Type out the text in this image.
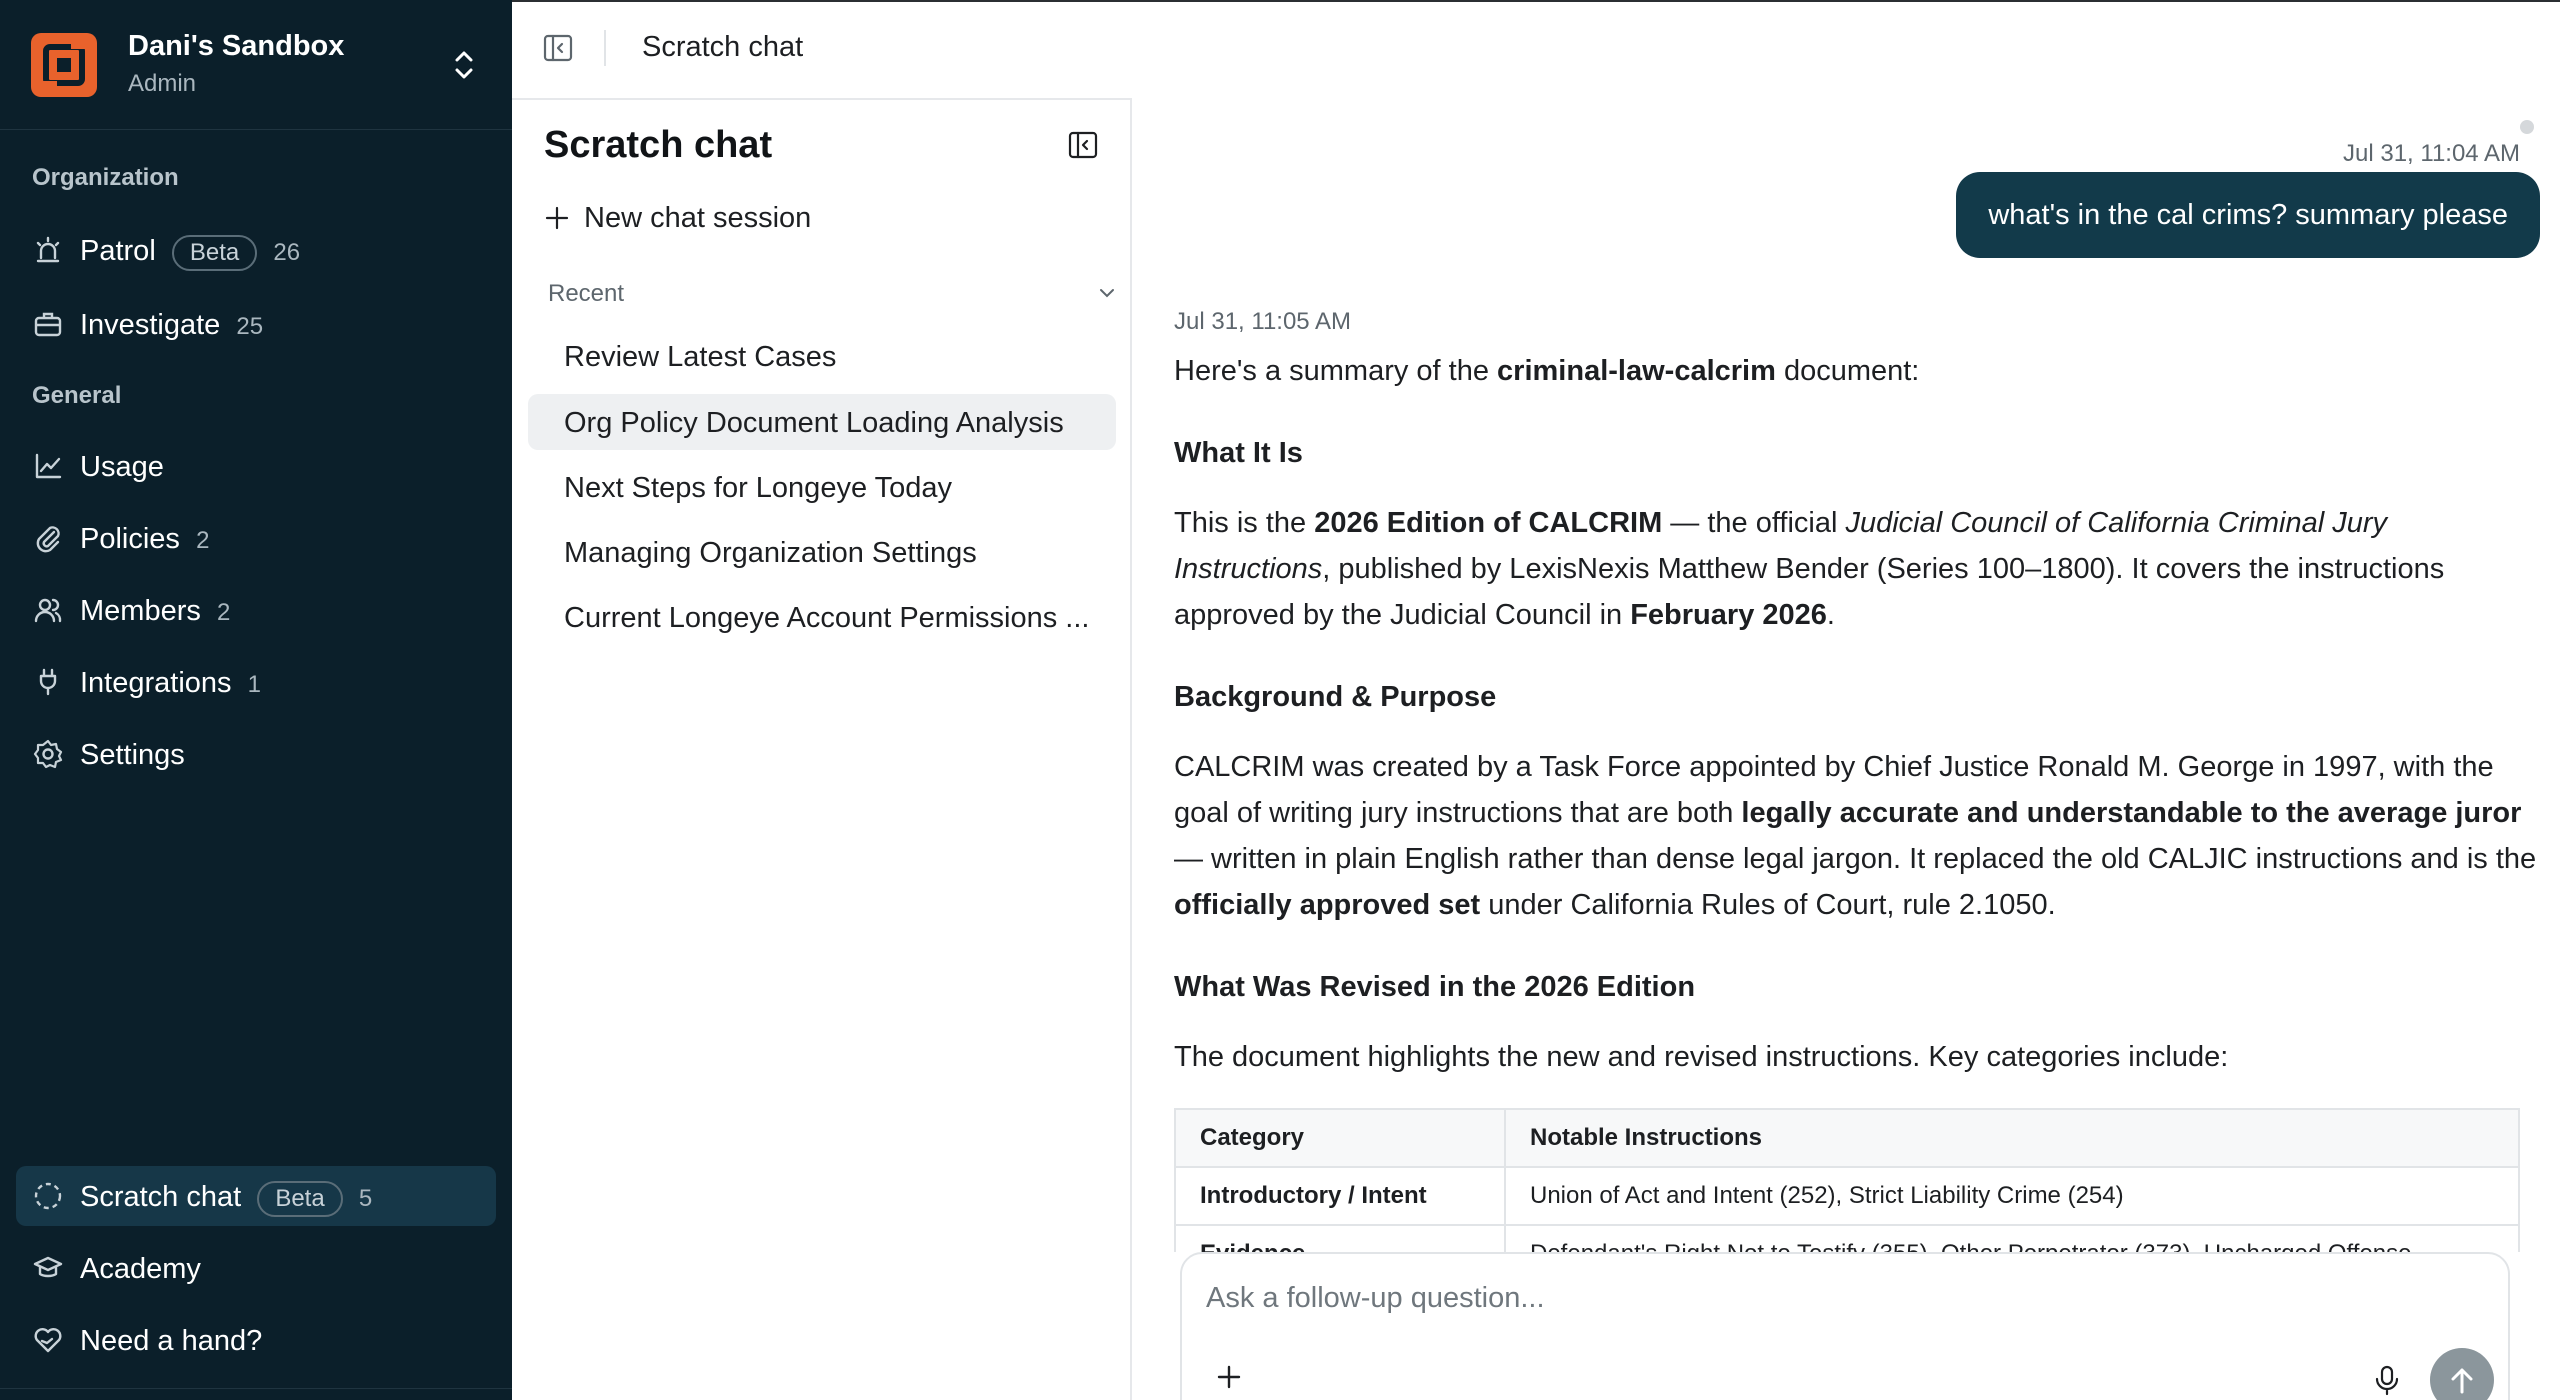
Dani's Sandbox
Admin
Organization
Patrol Beta 26
Investigate 25
General
Usage
Policies 2
Members 2
Integrations 1
Settings
Scratch chat Beta 5
Academy
Need a hand?
Scratch chat
Scratch chat
New chat session
Recent
Review Latest Cases
Org Policy Document Loading Analysis
Next Steps for Longeye Today
Managing Organization Settings
Current Longeye Account Permissions ...
Jul 31, 11:04 AM
what's in the cal crims? summary please
Jul 31, 11:05 AM

Here's a summary of the criminal-law-calcrim document:

What It Is

This is the 2026 Edition of CALCRIM — the official Judicial Council of California Criminal Jury Instructions, published by LexisNexis Matthew Bender (Series 100–1800). It covers the instructions approved by the Judicial Council in February 2026.

Background & Purpose

CALCRIM was created by a Task Force appointed by Chief Justice Ronald M. George in 1997, with the goal of writing jury instructions that are both legally accurate and understandable to the average juror — written in plain English rather than dense legal jargon. It replaced the old CALJIC instructions and is the officially approved set under California Rules of Court, rule 2.1050.

What Was Revised in the 2026 Edition

The document highlights the new and revised instructions. Key categories include:

Category	Notable Instructions
Introductory / Intent	Union of Act and Intent (252), Strict Liability Crime (254)

Ask a follow-up question...
